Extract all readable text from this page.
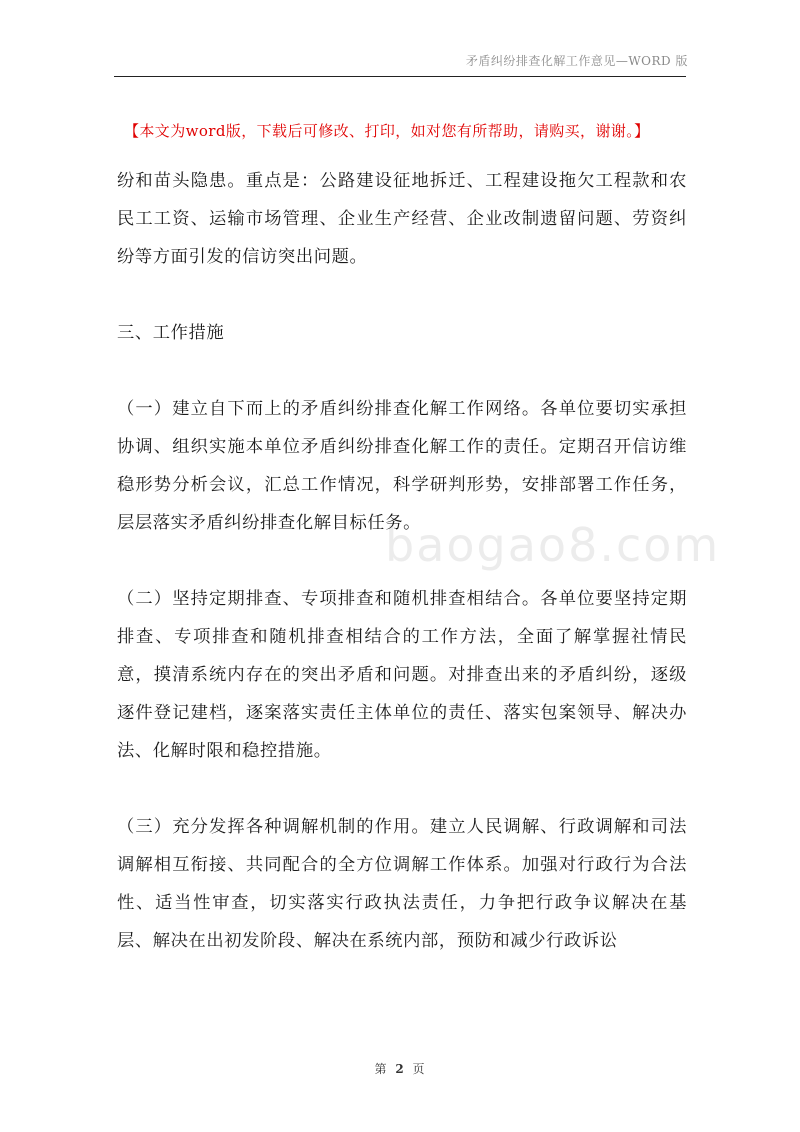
矛盾纠纷排查化解工作意见—WORD 版
【本文为word版，下载后可修改、打印，如对您有所帮助，请购买，谢谢。】
baogao8.com

纷和苗头隐患。重点是：公路建设征地拆迁、工程建设拖欠工程款和农民工工资、运输市场管理、企业生产经营、企业改制遗留问题、劳资纠纷等方面引发的信访突出问题。

三、工作措施

（一）建立自下而上的矛盾纠纷排查化解工作网络。各单位要切实承担协调、组织实施本单位矛盾纠纷排查化解工作的责任。定期召开信访维稳形势分析会议，汇总工作情况，科学研判形势，安排部署工作任务，层层落实矛盾纠纷排查化解目标任务。

（二）坚持定期排查、专项排查和随机排查相结合。各单位要坚持定期排查、专项排查和随机排查相结合的工作方法，全面了解掌握社情民意，摸清系统内存在的突出矛盾和问题。对排查出来的矛盾纠纷，逐级逐件登记建档，逐案落实责任主体单位的责任、落实包案领导、解决办法、化解时限和稳控措施。

（三）充分发挥各种调解机制的作用。建立人民调解、行政调解和司法调解相互衔接、共同配合的全方位调解工作体系。加强对行政行为合法性、适当性审查，切实落实行政执法责任，力争把行政争议解决在基层、解决在出初发阶段、解决在系统内部，预防和减少行政诉讼

第 2 页
